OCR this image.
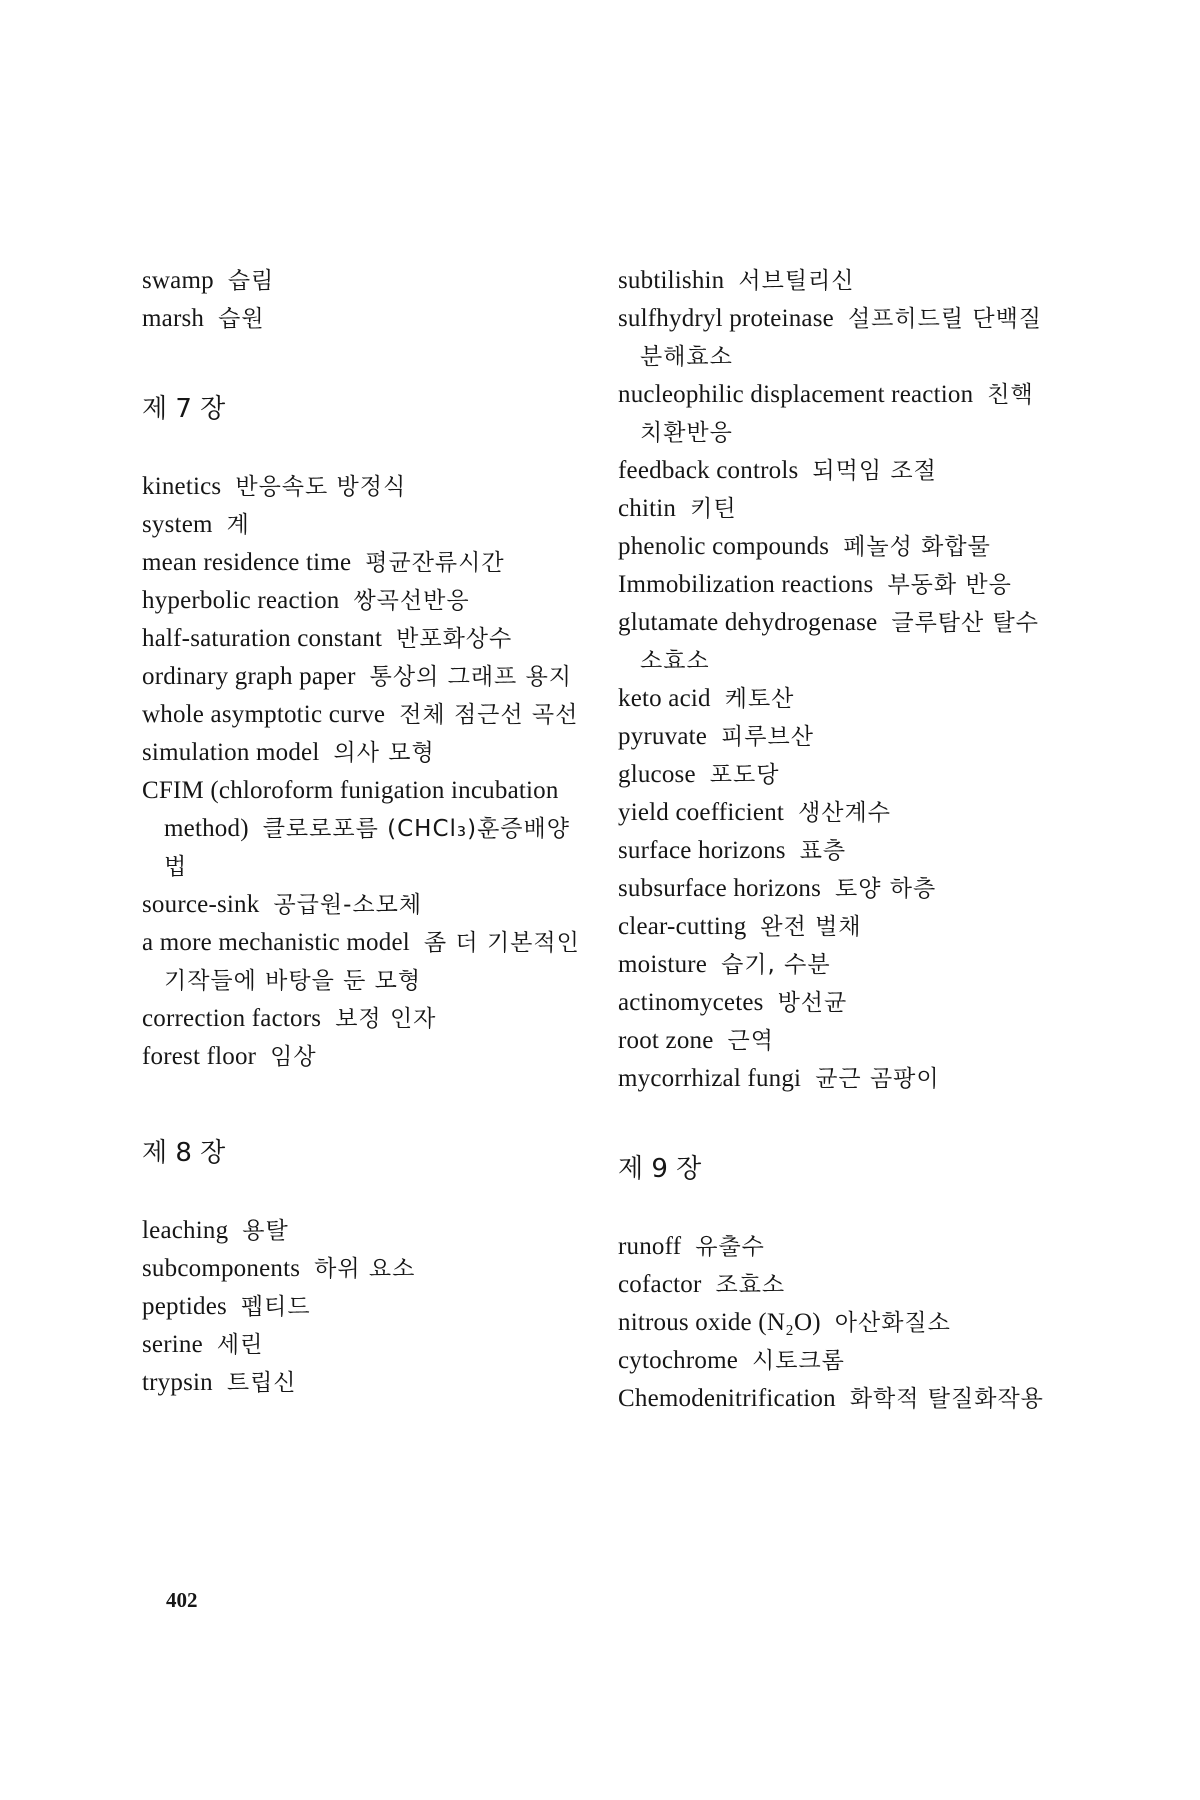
swamp 습림

marsh 습원

제 7 장

kinetics 반응속도 방정식

system 계

mean residence time 평균잔류시간

hyperbolic reaction 쌍곡선반응

half-saturation constant 반포화상수

ordinary graph paper 통상의 그래프 용지

whole asymptotic curve 전체 점근선 곡선

simulation model 의사 모형

CFIM (chloroform funigation incubation method) 클로로포름 (CHCl₃)훈증배양법

source-sink 공급원-소모체

a more mechanistic model 좀 더 기본적인 기작들에 바탕을 둔 모형

correction factors 보정 인자

forest floor 임상

제 8 장

leaching 용탈

subcomponents 하위 요소

peptides 펩티드

serine 세린

trypsin 트립신

subtilishin 서브틸리신

sulfhydryl proteinase 설프히드릴 단백질 분해효소

nucleophilic displacement reaction 친핵 치환반응

feedback controls 되먹임 조절

chitin 키틴

phenolic compounds 페놀성 화합물

Immobilization reactions 부동화 반응

glutamate dehydrogenase 글루탐산 탈수소효소

keto acid 케토산

pyruvate 피루브산

glucose 포도당

yield coefficient 생산계수

surface horizons 표층

subsurface horizons 토양 하층

clear-cutting 완전 벌채

moisture 습기, 수분

actinomycetes 방선균

root zone 근역

mycorrhizal fungi 균근 곰팡이

제 9 장

runoff 유출수

cofactor 조효소

nitrous oxide (N₂O) 아산화질소

cytochrome 시토크롬

Chemodenitrification 화학적 탈질화작용

402
